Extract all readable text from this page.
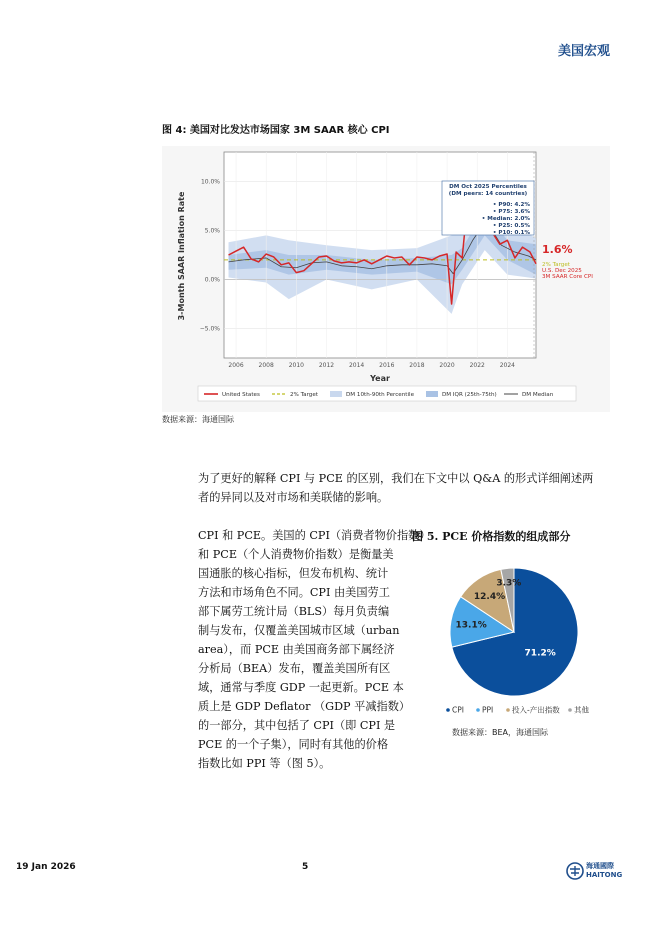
美国宏观
图 4: 美国对比发达市场国家 3M SAAR 核心 CPI
10.0%
5.0%
0.0%
−5.0%
2006 2008 2010 2012 2014 2016 2018 2020 2022 2024
3-Month SAAR Inflation Rate
Year
DM Oct 2025 Percentiles
(DM peers: 14 countries)
• P90: 4.2%
• P75: 3.6%
• Median: 2.0%
• P25: 0.5%
• P10: 0.1%
1.6%
2% Target
U.S. Dec 2025
3M SAAR Core CPI
United States	2% Target	DM 10th-90th Percentile	DM IQR (25th-75th)	DM Median
数据来源：海通国际
为了更好的解释 CPI 与 PCE 的区别，我们在下文中以 Q&A 的形式详细阐述两
者的异同以及对市场和美联储的影响。
CPI 和 PCE。美国的 CPI（消费者物价指数）
图 5. PCE 价格指数的组成部分
和 PCE（个人消费物价指数）是衡量美
国通胀的核心指标，但发布机构、统计
方法和市场角色不同。CPI 由美国劳工
部下属劳工统计局（BLS）每月负责编
制与发布，仅覆盖美国城市区域（urban
area），而 PCE 由美国商务部下属经济
分析局（BEA）发布，覆盖美国所有区
域，通常与季度 GDP 一起更新。PCE 本
质上是 GDP Deflator （GDP 平减指数）
的一部分，其中包括了 CPI（即 CPI 是
PCE 的一个子集），同时有其他的价格
指数比如 PPI 等（图 5）。
71.2%
13.1%
12.4%
3.3%
CPI PPI 投入-产出指数 其他
数据来源：BEA，海通国际
19 Jan 2026	5	海通國際
HAITONG
